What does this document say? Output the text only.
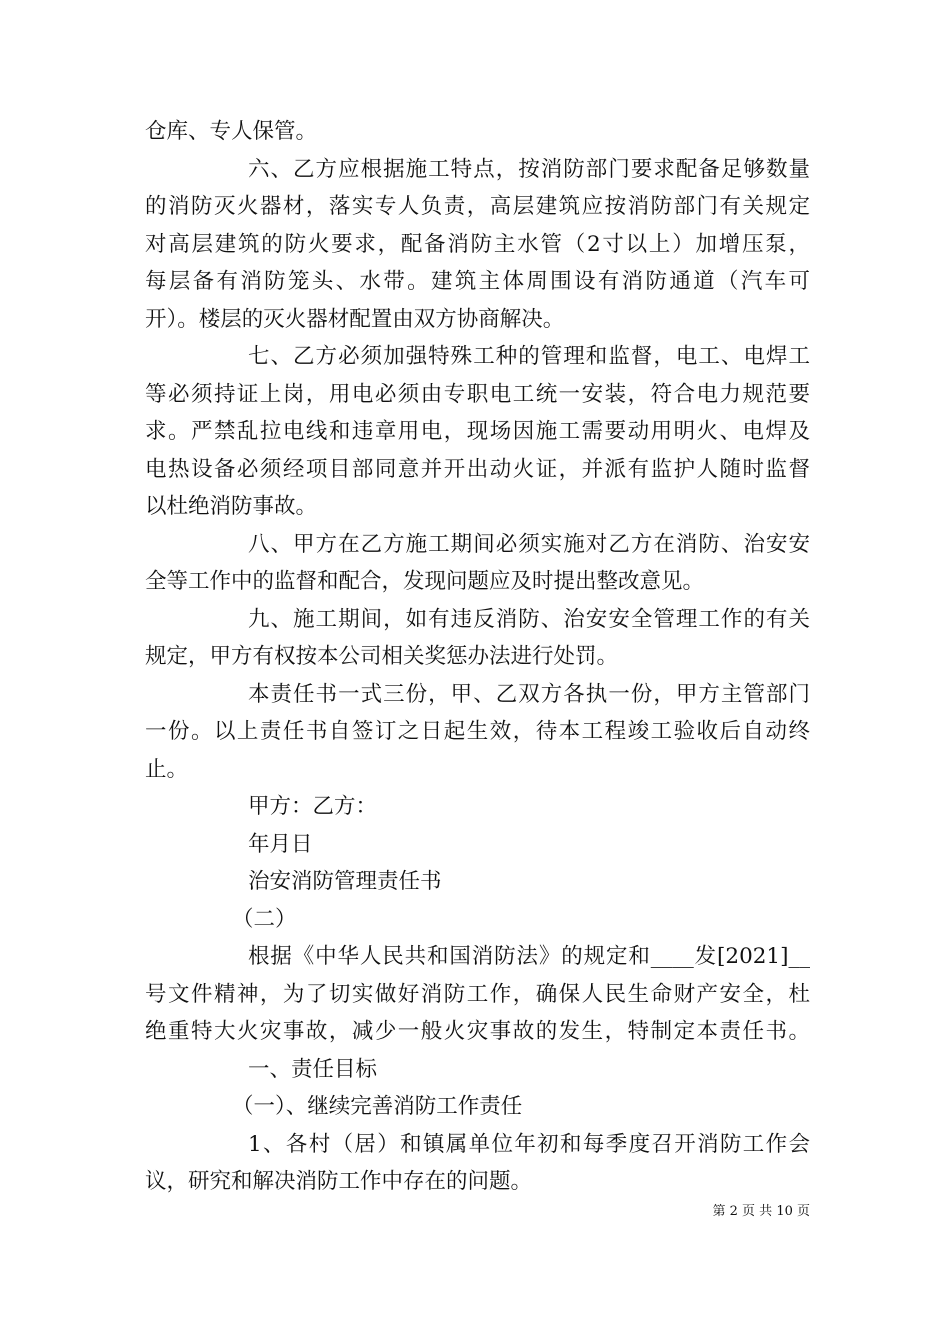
仓库、专人保管。
六、乙方应根据施工特点，按消防部门要求配备足够数量
的消防灭火器材，落实专人负责，高层建筑应按消防部门有关规定
对高层建筑的防火要求，配备消防主水管（2寸以上）加增压泵，
每层备有消防笼头、水带。建筑主体周围设有消防通道（汽车可
开）。楼层的灭火器材配置由双方协商解决。
七、乙方必须加强特殊工种的管理和监督，电工、电焊工
等必须持证上岗，用电必须由专职电工统一安装，符合电力规范要
求。严禁乱拉电线和违章用电，现场因施工需要动用明火、电焊及
电热设备必须经项目部同意并开出动火证，并派有监护人随时监督
以杜绝消防事故。
八、甲方在乙方施工期间必须实施对乙方在消防、治安安
全等工作中的监督和配合，发现问题应及时提出整改意见。
九、施工期间，如有违反消防、治安安全管理工作的有关
规定，甲方有权按本公司相关奖惩办法进行处罚。
本责任书一式三份，甲、乙双方各执一份，甲方主管部门
一份。以上责任书自签订之日起生效，待本工程竣工验收后自动终
止。
甲方：乙方：
年月日
治安消防管理责任书
（二）
根据《中华人民共和国消防法》的规定和____发[2021]__
号文件精神，为了切实做好消防工作，确保人民生命财产安全，杜
绝重特大火灾事故，减少一般火灾事故的发生，特制定本责任书。
一、责任目标
（一）、继续完善消防工作责任
1、各村（居）和镇属单位年初和每季度召开消防工作会
议，研究和解决消防工作中存在的问题。
第 2 页 共 10 页
